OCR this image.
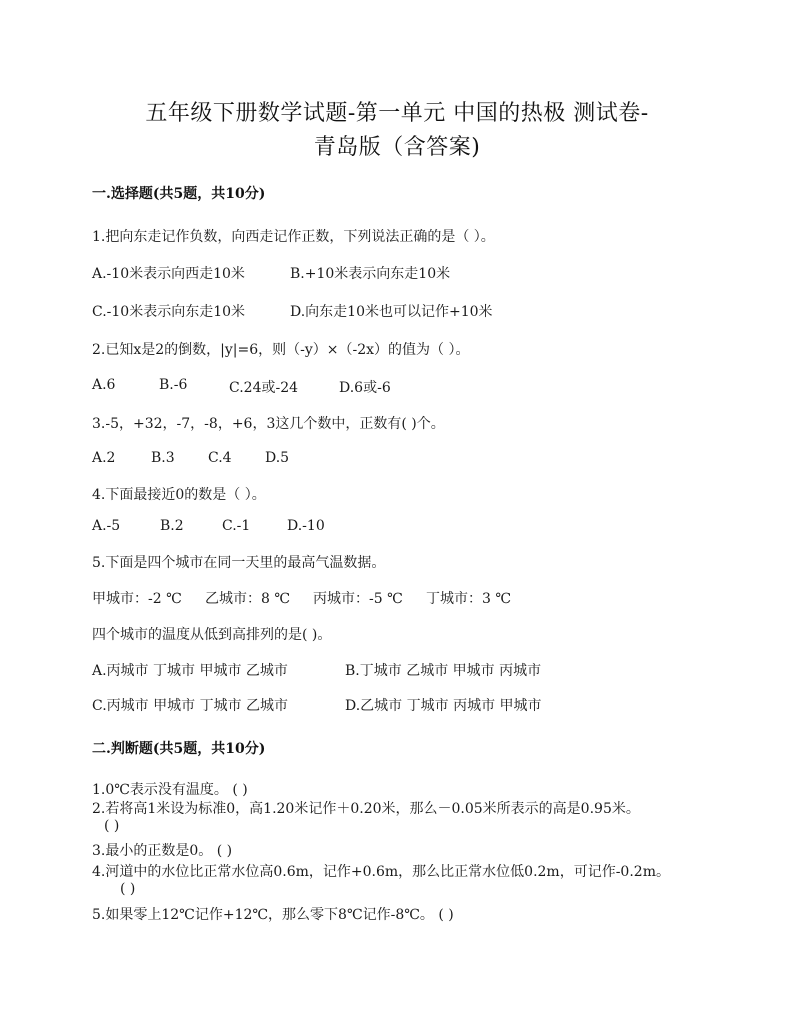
五年级下册数学试题-第一单元 中国的热极 测试卷-
青岛版（含答案)
一.选择题(共5题，共10分)
1.把向东走记作负数，向西走记作正数，下列说法正确的是（ ）。
A.-10米表示向西走10米	B.+10米表示向东走10米
C.-10米表示向东走10米	D.向东走10米也可以记作+10米
2.已知x是2的倒数，|y|=6，则（-y）×（-2x）的值为（ ）。
A.6	B.-6	C.24或-24	D.6或-6
3.-5，+32，-7，-8，+6，3这几个数中，正数有( )个。
A.2	B.3 C.4 D.5
4.下面最接近0的数是（ ）。
A.-5	B.2	C.-1	D.-10
5.下面是四个城市在同一天里的最高气温数据。
甲城市：-2 ℃ 乙城市：8 ℃ 丙城市：-5 ℃ 丁城市：3 ℃
四个城市的温度从低到高排列的是( )。
A.丙城市 丁城市 甲城市 乙城市	B.丁城市 乙城市 甲城市 丙城市
C.丙城市 甲城市 丁城市 乙城市	D.乙城市 丁城市 丙城市 甲城市
二.判断题(共5题，共10分)
1.0℃表示没有温度。 ( )
2.若将高1米设为标准0，高1.20米记作＋0.20米，那么－0.05米所表示的高是0.95米。
( )
3.最小的正数是0。 ( )
4.河道中的水位比正常水位高0.6m，记作+0.6m，那么比正常水位低0.2m，可记作-0.2m。
( )
5.如果零上12℃记作+12℃，那么零下8℃记作-8℃。 ( )
